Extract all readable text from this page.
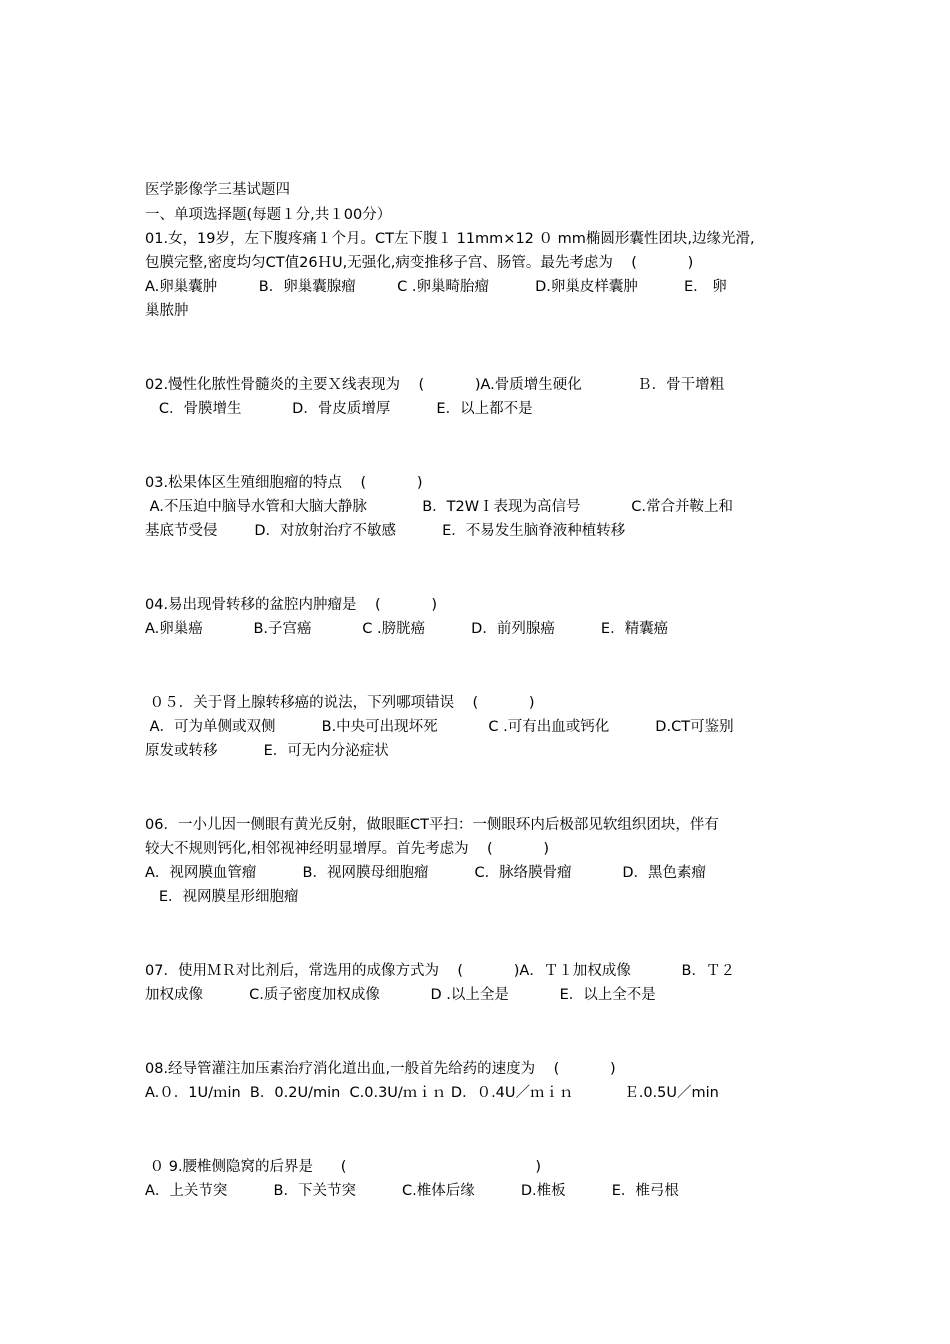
医学影像学三基试题四

一、单项选择题(每题１分,共１00分）

01.女，19岁，左下腹疼痛１个月。CT左下腹１ 11mm×12 ０ mm椭圆形囊性团块,边缘光滑,

包膜完整,密度均匀CT值26ＨU,无强化,病变推移子宫、肠管。最先考虑为    (           )

A.卵巢囊肿         B．卵巢囊腺瘤         C .卵巢畸胎瘤          D.卵巢皮样囊肿          E． 卵

巢脓肿

02.慢性化脓性骨髓炎的主要Ｘ线表现为    (           )A.骨质增生硬化            Ｂ．骨干增粗

C．骨膜增生           D．骨皮质增厚          E．以上都不是

03.松果体区生殖细胞瘤的特点    (           )

A.不压迫中脑导水管和大脑大静脉            B．T2WＩ表现为高信号           C.常合并鞍上和

基底节受侵        D．对放射治疗不敏感          E．不易发生脑脊液种植转移

04.易出现骨转移的盆腔内肿瘤是    (           )

A.卵巢癌           B.子宫癌           C .膀胱癌          D．前列腺癌          E．精囊癌

０５．关于肾上腺转移癌的说法，下列哪项错误    (           )

A．可为单侧或双侧          B.中央可出现坏死           C .可有出血或钙化          D.CT可鉴别

原发或转移          E．可无内分泌症状

06．一小儿因一侧眼有黄光反射，做眼眶CT平扫：一侧眼环内后极部见软组织团块，伴有

较大不规则钙化,相邻视神经明显增厚。首先考虑为    (           )

A．视网膜血管瘤          B．视网膜母细胞瘤          C．脉络膜骨瘤           D．黑色素瘤

E．视网膜星形细胞瘤

07．使用ＭＲ对比剂后，常选用的成像方式为    (           )A．Ｔ１加权成像           B．Ｔ２

加权成像          C.质子密度加权成像           D .以上全是           E．以上全不是

08.经导管灌注加压素治疗消化道出血,一般首先给药的速度为    (           )

A.０．1U/ｍin  B．0.2U/min  C.0.3U/ｍｉｎ D．０.4U／ｍｉｎ           Ｅ.0.5U／min

０ 9.腰椎侧隐窝的后界是      (                                         )

A．上关节突          B．下关节突          C.椎体后缘          D.椎板          E．椎弓根
